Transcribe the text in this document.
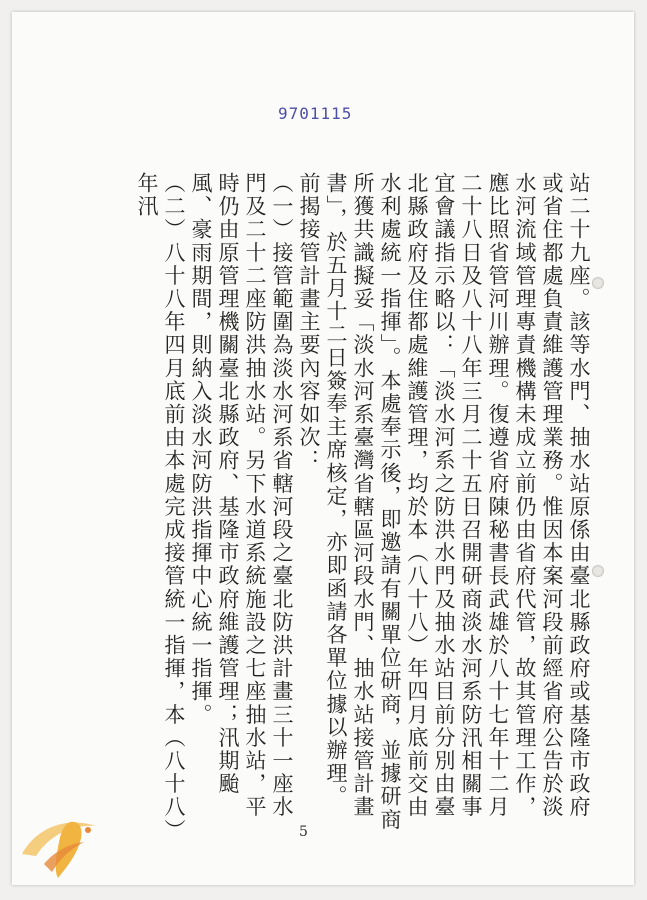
9701115

站二十九座。該等水門、抽水站原係由臺北縣政府或基隆市政府或省住都處負責維護管理業務。惟因本案河段前經省府公告於淡水河流域管理專責機構未成立前仍由省府代管，故其管理工作，應比照省管河川辦理。復遵省府陳秘書長武雄於八十七年十二月二十八日及八十八年三月二十五日召開研商淡水河系防汛相關事宜會議指示略以：「淡水河系之防洪水門及抽水站目前分別由臺北縣政府及住都處維護管理，均於本（八十八）年四月底前交由水利處統一指揮」。本處奉示後，即邀請有關單位研商，並據研商所獲共識擬妥「淡水河系臺灣省轄區河段水門、抽水站接管計畫書」，於五月十二日簽奉主席核定，亦即函請各單位據以辦理。

前揭接管計畫主要內容如次：

（一）接管範圍為淡水河系省轄河段之臺北防洪計畫三十一座水門及二十二座防洪抽水站。另下水道系統施設之七座抽水站，平時仍由原管理機關臺北縣政府、基隆市政府維護管理；汛期颱風、豪雨期間，則納入淡水河防洪指揮中心統一指揮。

（二）八十八年四月底前由本處完成接管統一指揮，本（八十八）年汛

5
